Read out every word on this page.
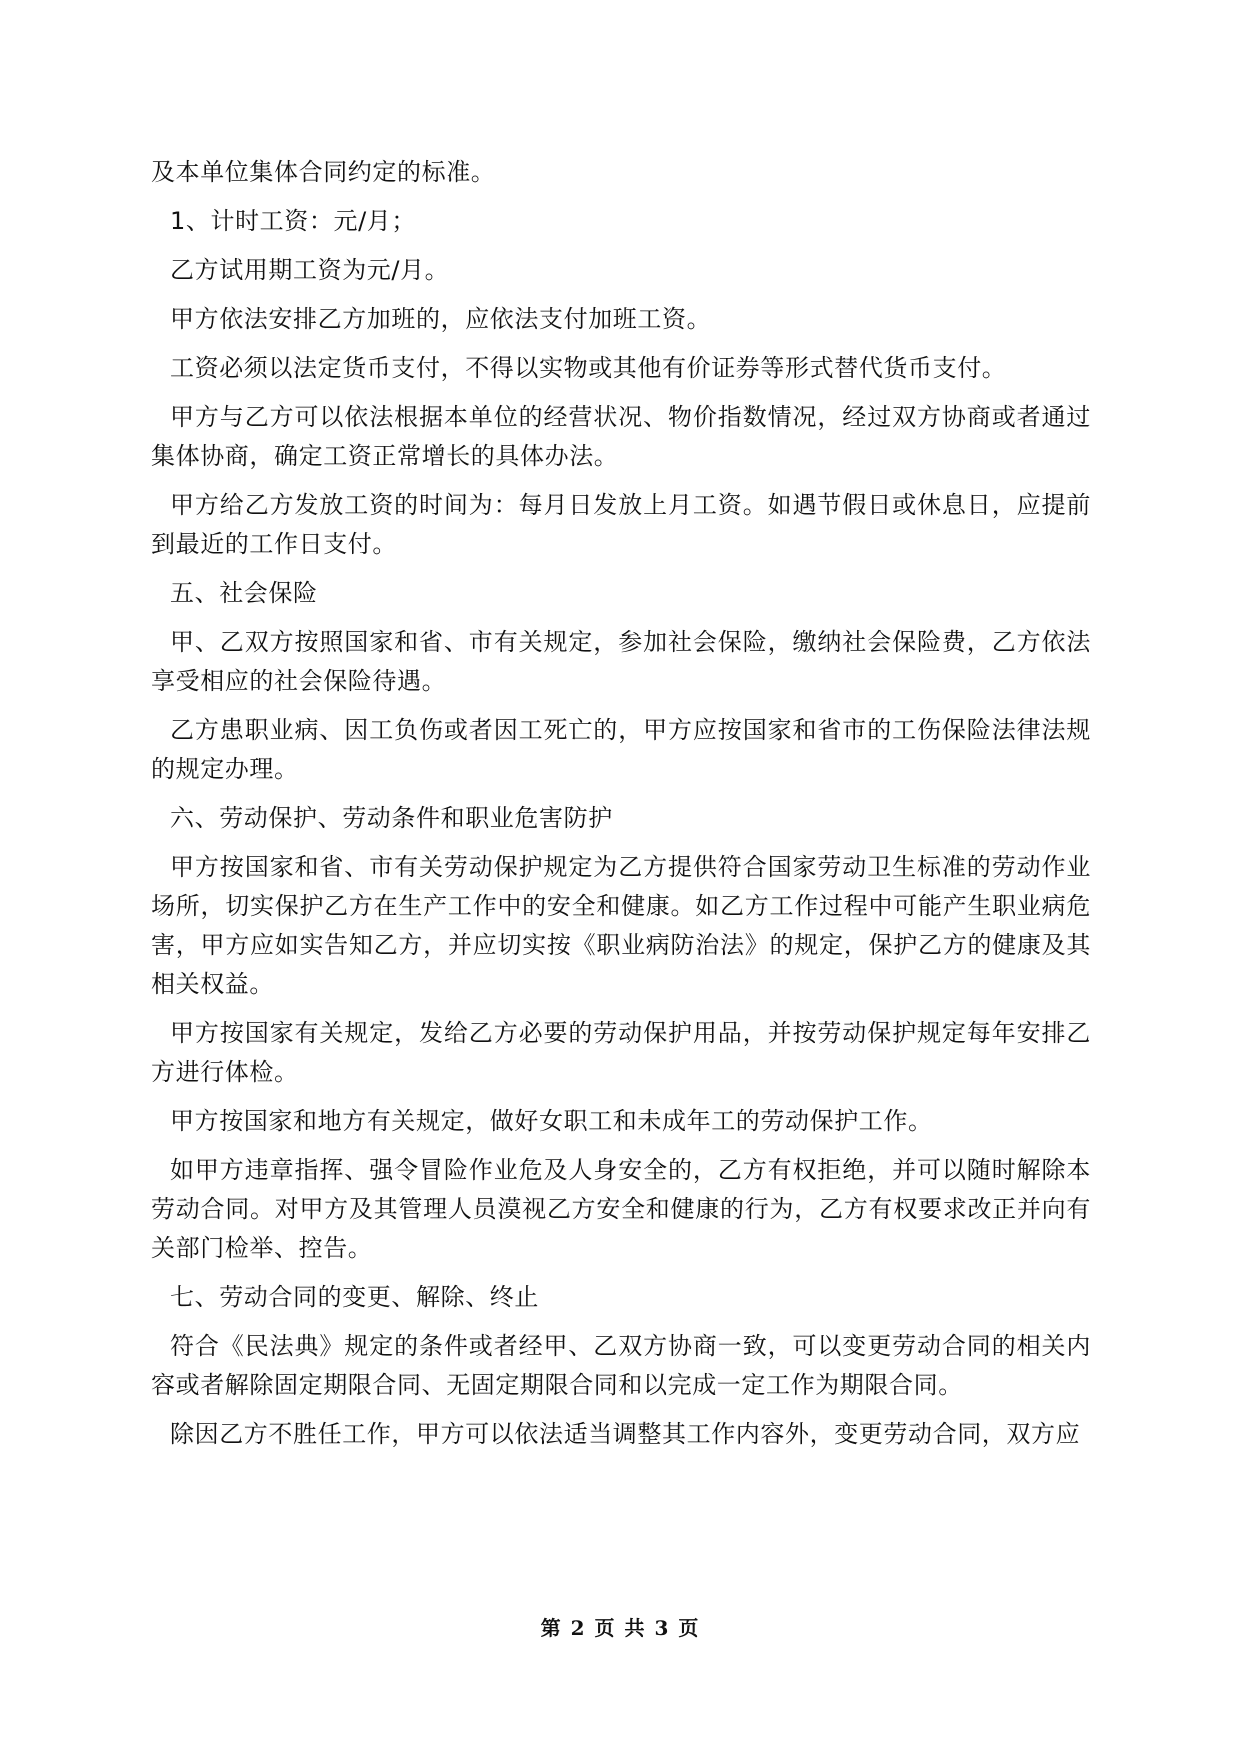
及本单位集体合同约定的标准。

1、计时工资：元/月；

乙方试用期工资为元/月。

甲方依法安排乙方加班的，应依法支付加班工资。

工资必须以法定货币支付，不得以实物或其他有价证券等形式替代货币支付。

甲方与乙方可以依法根据本单位的经营状况、物价指数情况，经过双方协商或者通过集体协商，确定工资正常增长的具体办法。

甲方给乙方发放工资的时间为：每月日发放上月工资。如遇节假日或休息日，应提前到最近的工作日支付。

五、社会保险

甲、乙双方按照国家和省、市有关规定，参加社会保险，缴纳社会保险费，乙方依法享受相应的社会保险待遇。

乙方患职业病、因工负伤或者因工死亡的，甲方应按国家和省市的工伤保险法律法规的规定办理。

六、劳动保护、劳动条件和职业危害防护

甲方按国家和省、市有关劳动保护规定为乙方提供符合国家劳动卫生标准的劳动作业场所，切实保护乙方在生产工作中的安全和健康。如乙方工作过程中可能产生职业病危害，甲方应如实告知乙方，并应切实按《职业病防治法》的规定，保护乙方的健康及其相关权益。

甲方按国家有关规定，发给乙方必要的劳动保护用品，并按劳动保护规定每年安排乙方进行体检。

甲方按国家和地方有关规定，做好女职工和未成年工的劳动保护工作。

如甲方违章指挥、强令冒险作业危及人身安全的，乙方有权拒绝，并可以随时解除本劳动合同。对甲方及其管理人员漠视乙方安全和健康的行为，乙方有权要求改正并向有关部门检举、控告。

七、劳动合同的变更、解除、终止

符合《民法典》规定的条件或者经甲、乙双方协商一致，可以变更劳动合同的相关内容或者解除固定期限合同、无固定期限合同和以完成一定工作为期限合同。

除因乙方不胜任工作，甲方可以依法适当调整其工作内容外，变更劳动合同，双方应

第 2 页 共 3 页
